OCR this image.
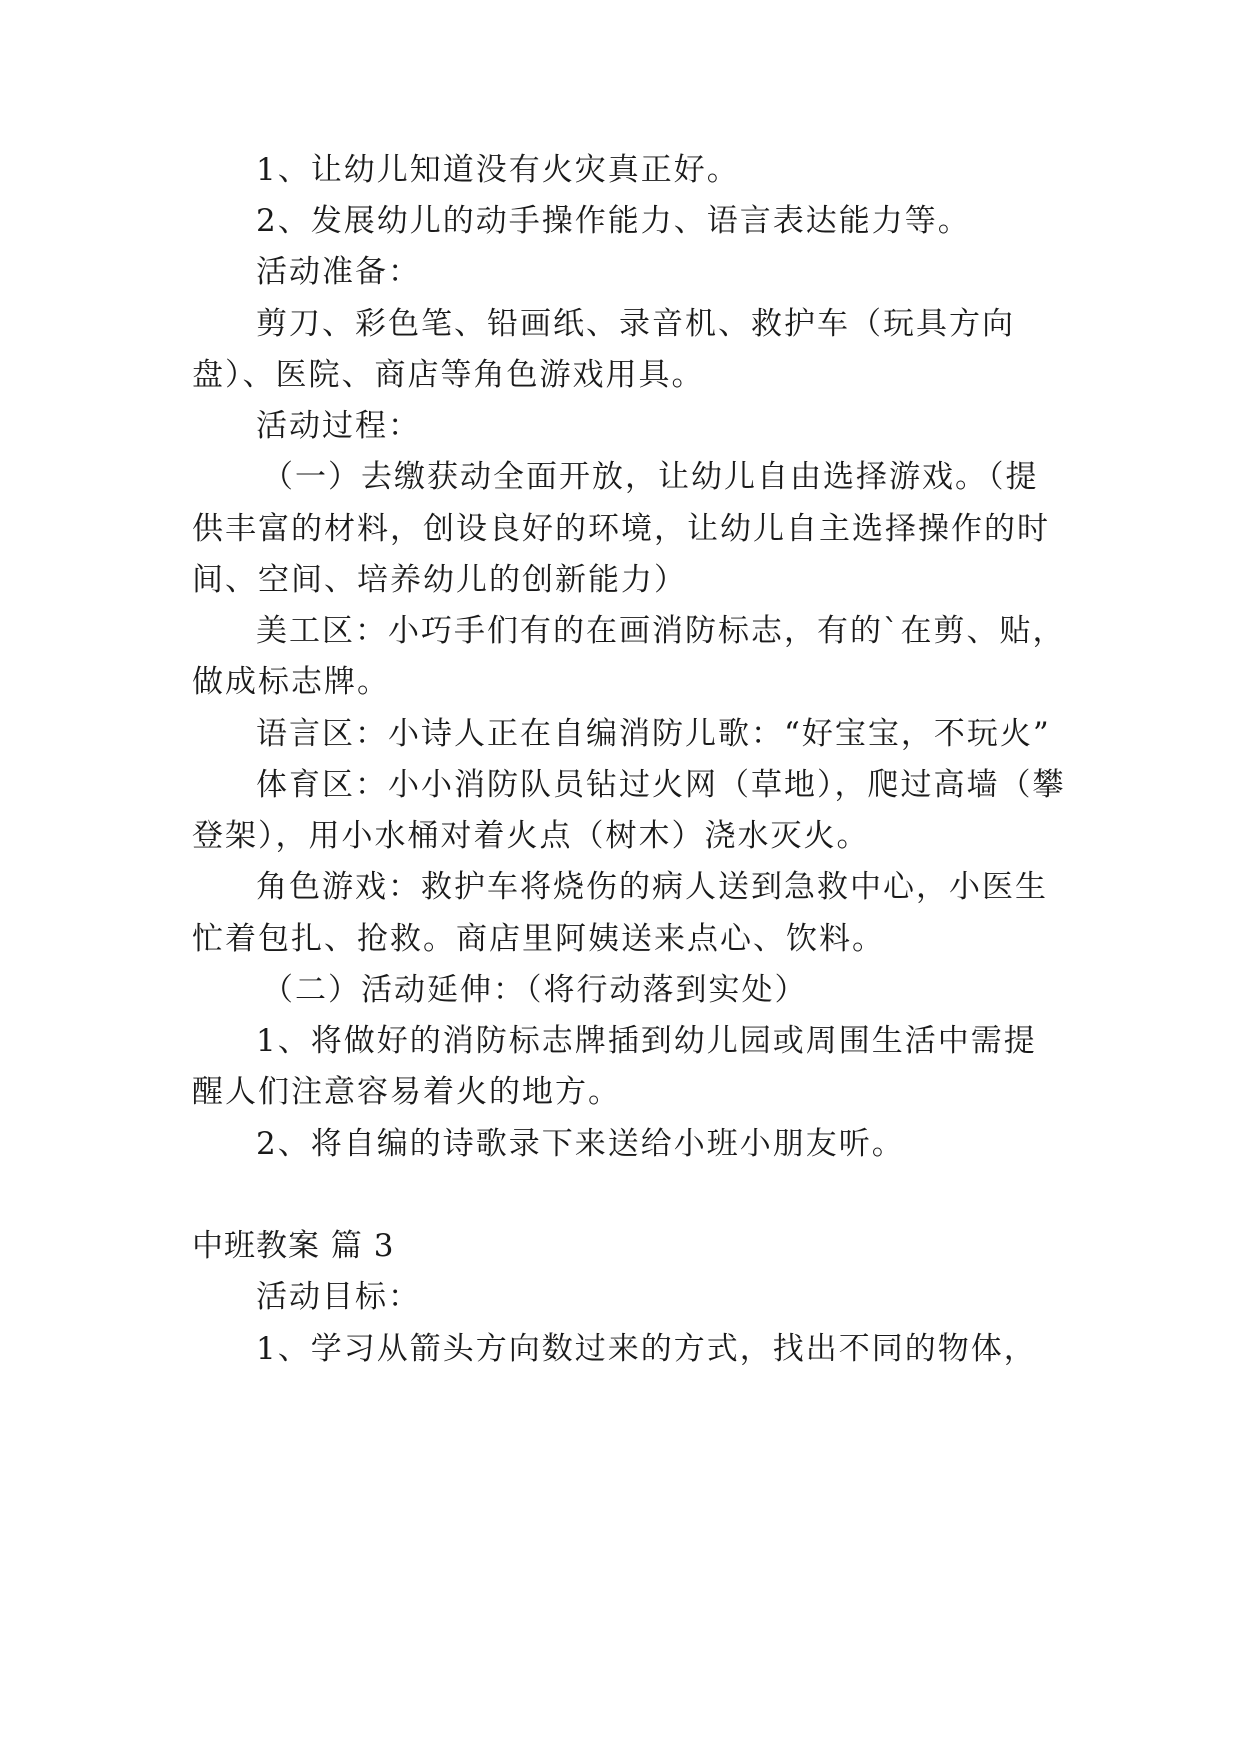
1、让幼儿知道没有火灾真正好。

2、发展幼儿的动手操作能力、语言表达能力等。

活动准备：

剪刀、彩色笔、铅画纸、录音机、救护车（玩具方向

盘）、医院、商店等角色游戏用具。

活动过程：

（一）去缴获动全面开放，让幼儿自由选择游戏。（提

供丰富的材料，创设良好的环境，让幼儿自主选择操作的时

间、空间、培养幼儿的创新能力）

美工区：小巧手们有的在画消防标志，有的`在剪、贴，

做成标志牌。

语言区：小诗人正在自编消防儿歌：“好宝宝，不玩火”

体育区：小小消防队员钻过火网（草地），爬过高墙（攀

登架），用小水桶对着火点（树木）浇水灭火。

角色游戏：救护车将烧伤的病人送到急救中心，小医生

忙着包扎、抢救。商店里阿姨送来点心、饮料。

（二）活动延伸：（将行动落到实处）

1、将做好的消防标志牌插到幼儿园或周围生活中需提

醒人们注意容易着火的地方。

2、将自编的诗歌录下来送给小班小朋友听。

中班教案 篇 3

活动目标：

1、学习从箭头方向数过来的方式，找出不同的物体，
